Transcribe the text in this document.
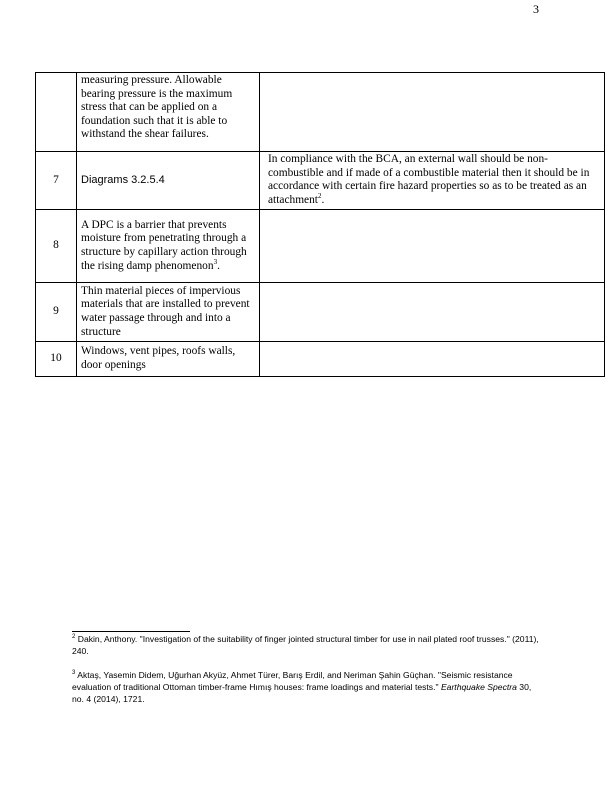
3
	measuring pressure. Allowable bearing pressure is the maximum stress that can be applied on a foundation such that it is able to withstand the shear failures.	
7	Diagrams 3.2.5.4	In compliance with the BCA, an external wall should be non-combustible and if made of a combustible material then it should be in accordance with certain fire hazard properties so as to be treated as an attachment$^2$.
8	A DPC is a barrier that prevents moisture from penetrating through a structure by capillary action through the rising damp phenomenon$^3$.	
9	Thin material pieces of impervious materials that are installed to prevent water passage through and into a structure	
10	Windows, vent pipes, roofs walls, door openings	

$^2$ Dakin, Anthony. "Investigation of the suitability of finger jointed structural timber for use in nail plated roof trusses." (2011), 240.

$^3$ Aktaş, Yasemin Didem, Uğurhan Akyüz, Ahmet Türer, Barış Erdil, and Neriman Şahin Güçhan. "Seismic resistance evaluation of traditional Ottoman timber-frame Hımış houses: frame loadings and material tests." Earthquake Spectra 30, no. 4 (2014), 1721.
